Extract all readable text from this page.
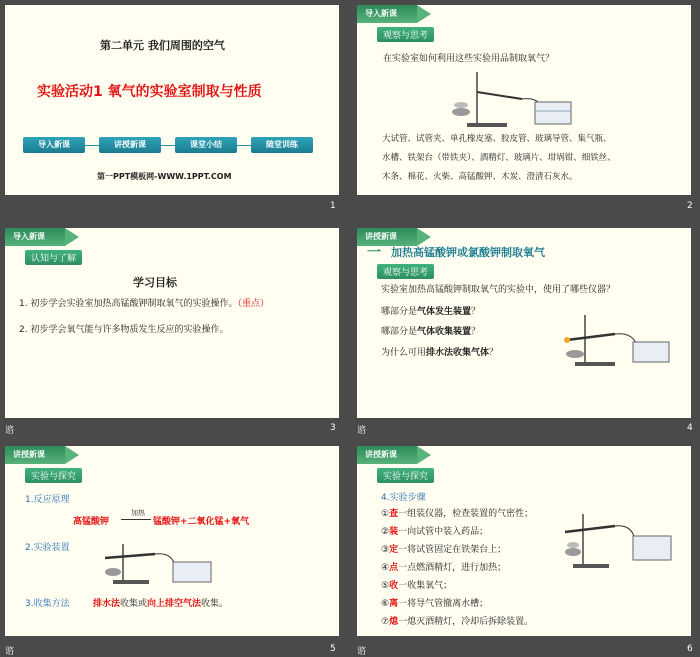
第二单元 我们周围的空气
实验活动1 氧气的实验室制取与性质
导入新课	讲授新课	课堂小结	随堂训练
第一PPT模板网-WWW.1PPT.COM
1
导入新课
观察与思考
在实验室如何利用这些实验用品制取氧气？
大试管、试管夹、单孔橡皮塞、胶皮管、玻璃导管、集气瓶、
水槽、铁架台（带铁夹）、酒精灯、玻璃片、坩埚钳、细铁丝、
木条、棉花、火柴、高锰酸钾、木炭、澄清石灰水。
2
导入新课
认知与了解
学习目标
1. 初步学会实验室加热高锰酸钾制取氧气的实验操作。（重点）
2. 初步学会氧气能与许多物质发生反应的实验操作。
谘	3
讲授新课
一 加热高锰酸钾或氯酸钾制取氧气
观察与思考
实验室加热高锰酸钾制取氧气的实验中，使用了哪些仪器？
哪部分是气体发生装置？
哪部分是气体收集装置？
为什么可用排水法收集气体？
谘	4
讲授新课
实验与探究
1.反应原理
高锰酸钾
加热
锰酸钾+二氧化锰+氧气
2.实验装置
3.收集方法	排水法收集或向上排空气法收集。
谘	5
讲授新课
实验与探究
4.实验步骤
①查一组装仪器，检查装置的气密性；
②装一向试管中装入药品；
③定一将试管固定在铁架台上；
④点一点燃酒精灯，进行加热；
⑤收一收集氧气；
⑥离一将导气管撤离水槽；
⑦熄一熄灭酒精灯，冷却后拆除装置。
谘	6
